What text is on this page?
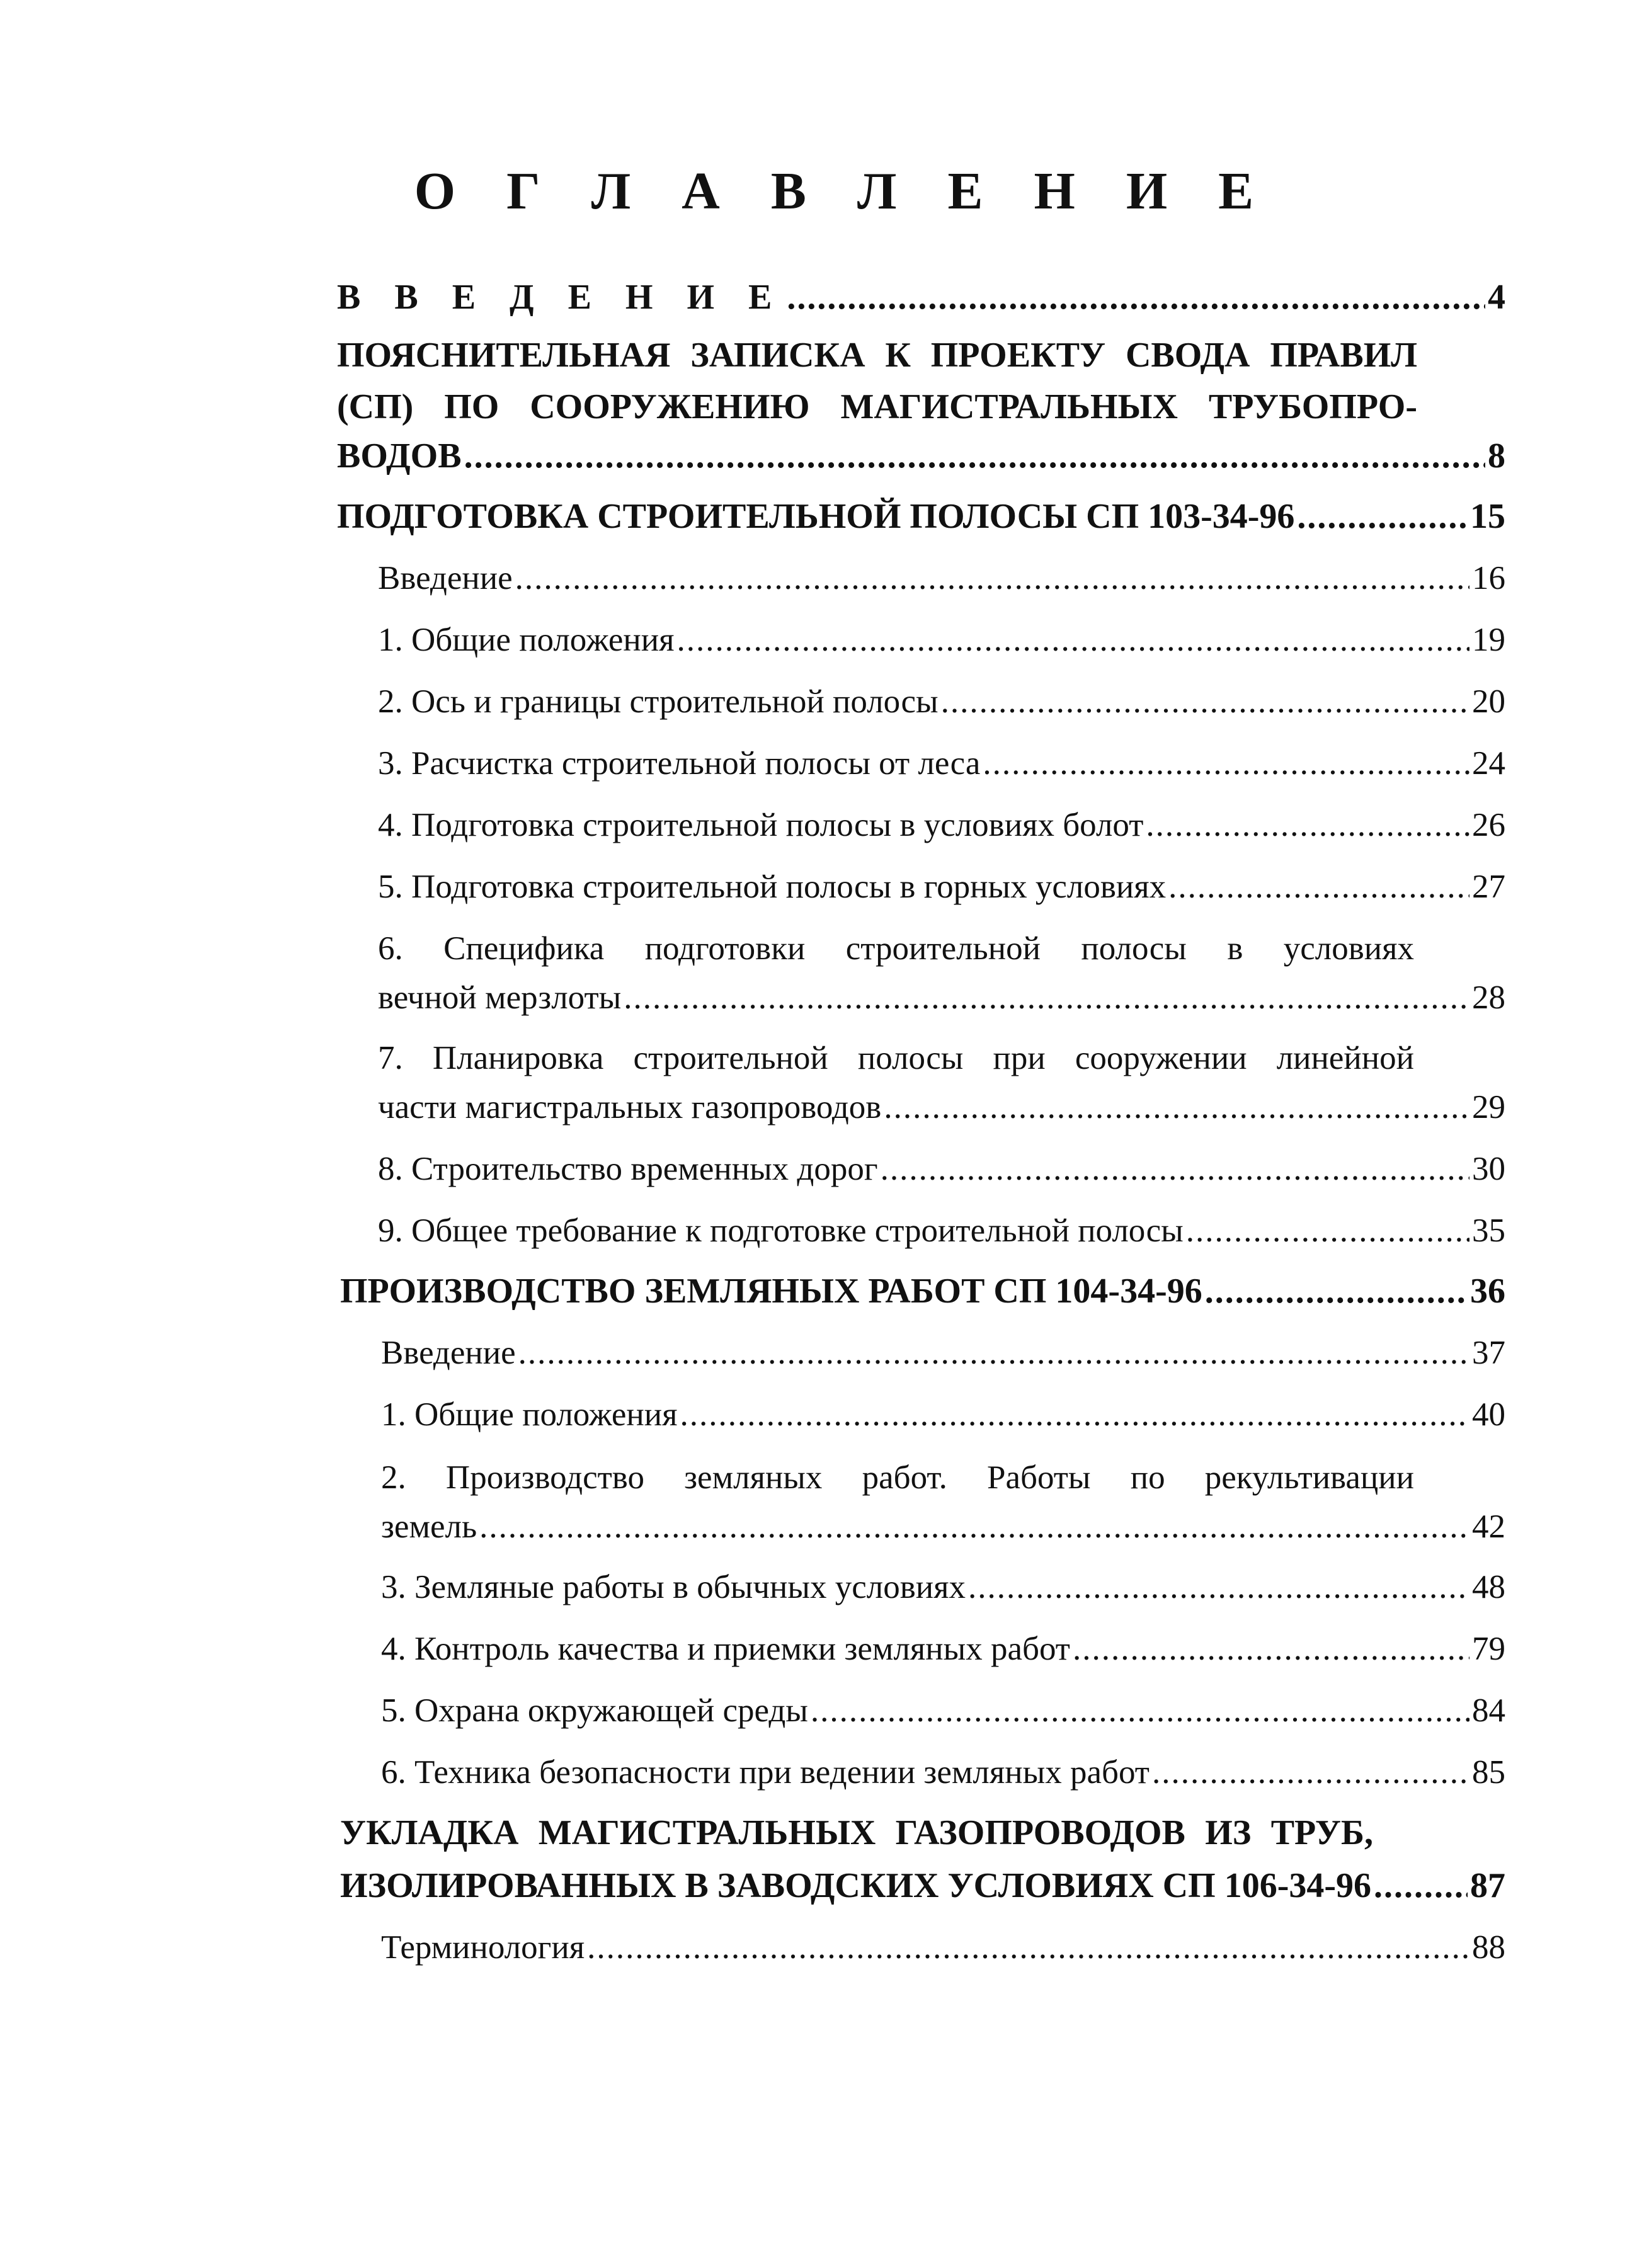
О Г Л А В Л Е Н И Е
В В Е Д Е Н И Е .....	4
ПОЯСНИТЕЛЬНАЯ ЗАПИСКА К ПРОЕКТУ СВОДА ПРАВИЛ
(СП) ПО СООРУЖЕНИЮ МАГИСТРАЛЬНЫХ ТРУБОПРО-
ВОДОВ .....	8
ПОДГОТОВКА СТРОИТЕЛЬНОЙ ПОЛОСЫ СП 103-34-96 .....	15
Введение .....	16
1. Общие положения .....	19
2. Ось и границы строительной полосы .....	20
3. Расчистка строительной полосы от леса .....	24
4. Подготовка строительной полосы в условиях болот .....	26
5. Подготовка строительной полосы в горных условиях .....	27
6. Специфика подготовки строительной полосы в условиях
вечной мерзлоты .....	28
7. Планировка строительной полосы при сооружении линейной
части магистральных газопроводов .....	29
8. Строительство временных дорог .....	30
9. Общее требование к подготовке строительной полосы .....	35
ПРОИЗВОДСТВО ЗЕМЛЯНЫХ РАБОТ СП 104-34-96 .....	36
Введение .....	37
1. Общие положения .....	40
2. Производство земляных работ. Работы по рекультивации
земель .....	42
3. Земляные работы в обычных условиях .....	48
4. Контроль качества и приемки земляных работ .....	79
5. Охрана окружающей среды .....	84
6. Техника безопасности при ведении земляных работ .....	85
УКЛАДКА МАГИСТРАЛЬНЫХ ГАЗОПРОВОДОВ ИЗ ТРУБ,
ИЗОЛИРОВАННЫХ В ЗАВОДСКИХ УСЛОВИЯХ СП 106-34-96 .....	87
Терминология .....	88
